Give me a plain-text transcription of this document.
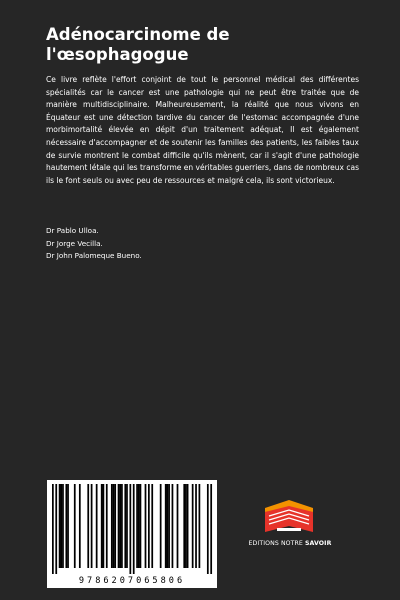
Adénocarcinome de l'œsophagogue

Ce livre reflète l'effort conjoint de tout le personnel médical des différentes spécialités car le cancer est une pathologie qui ne peut être traitée que de manière multidisciplinaire. Malheureusement, la réalité que nous vivons en Équateur est une détection tardive du cancer de l'estomac accompagnée d'une morbimortalité élevée en dépit d'un traitement adéquat, Il est également nécessaire d'accompagner et de soutenir les familles des patients, les faibles taux de survie montrent le combat difficile qu'ils mènent, car il s'agit d'une pathologie hautement létale qui les transforme en véritables guerriers, dans de nombreux cas ils le font seuls ou avec peu de ressources et malgré cela, ils sont victorieux.

Dr Pablo Ulloa.
Dr Jorge Vecilla.
Dr John Palomeque Bueno.
9786207065806
EDITIONS NOTRE SAVOIR
